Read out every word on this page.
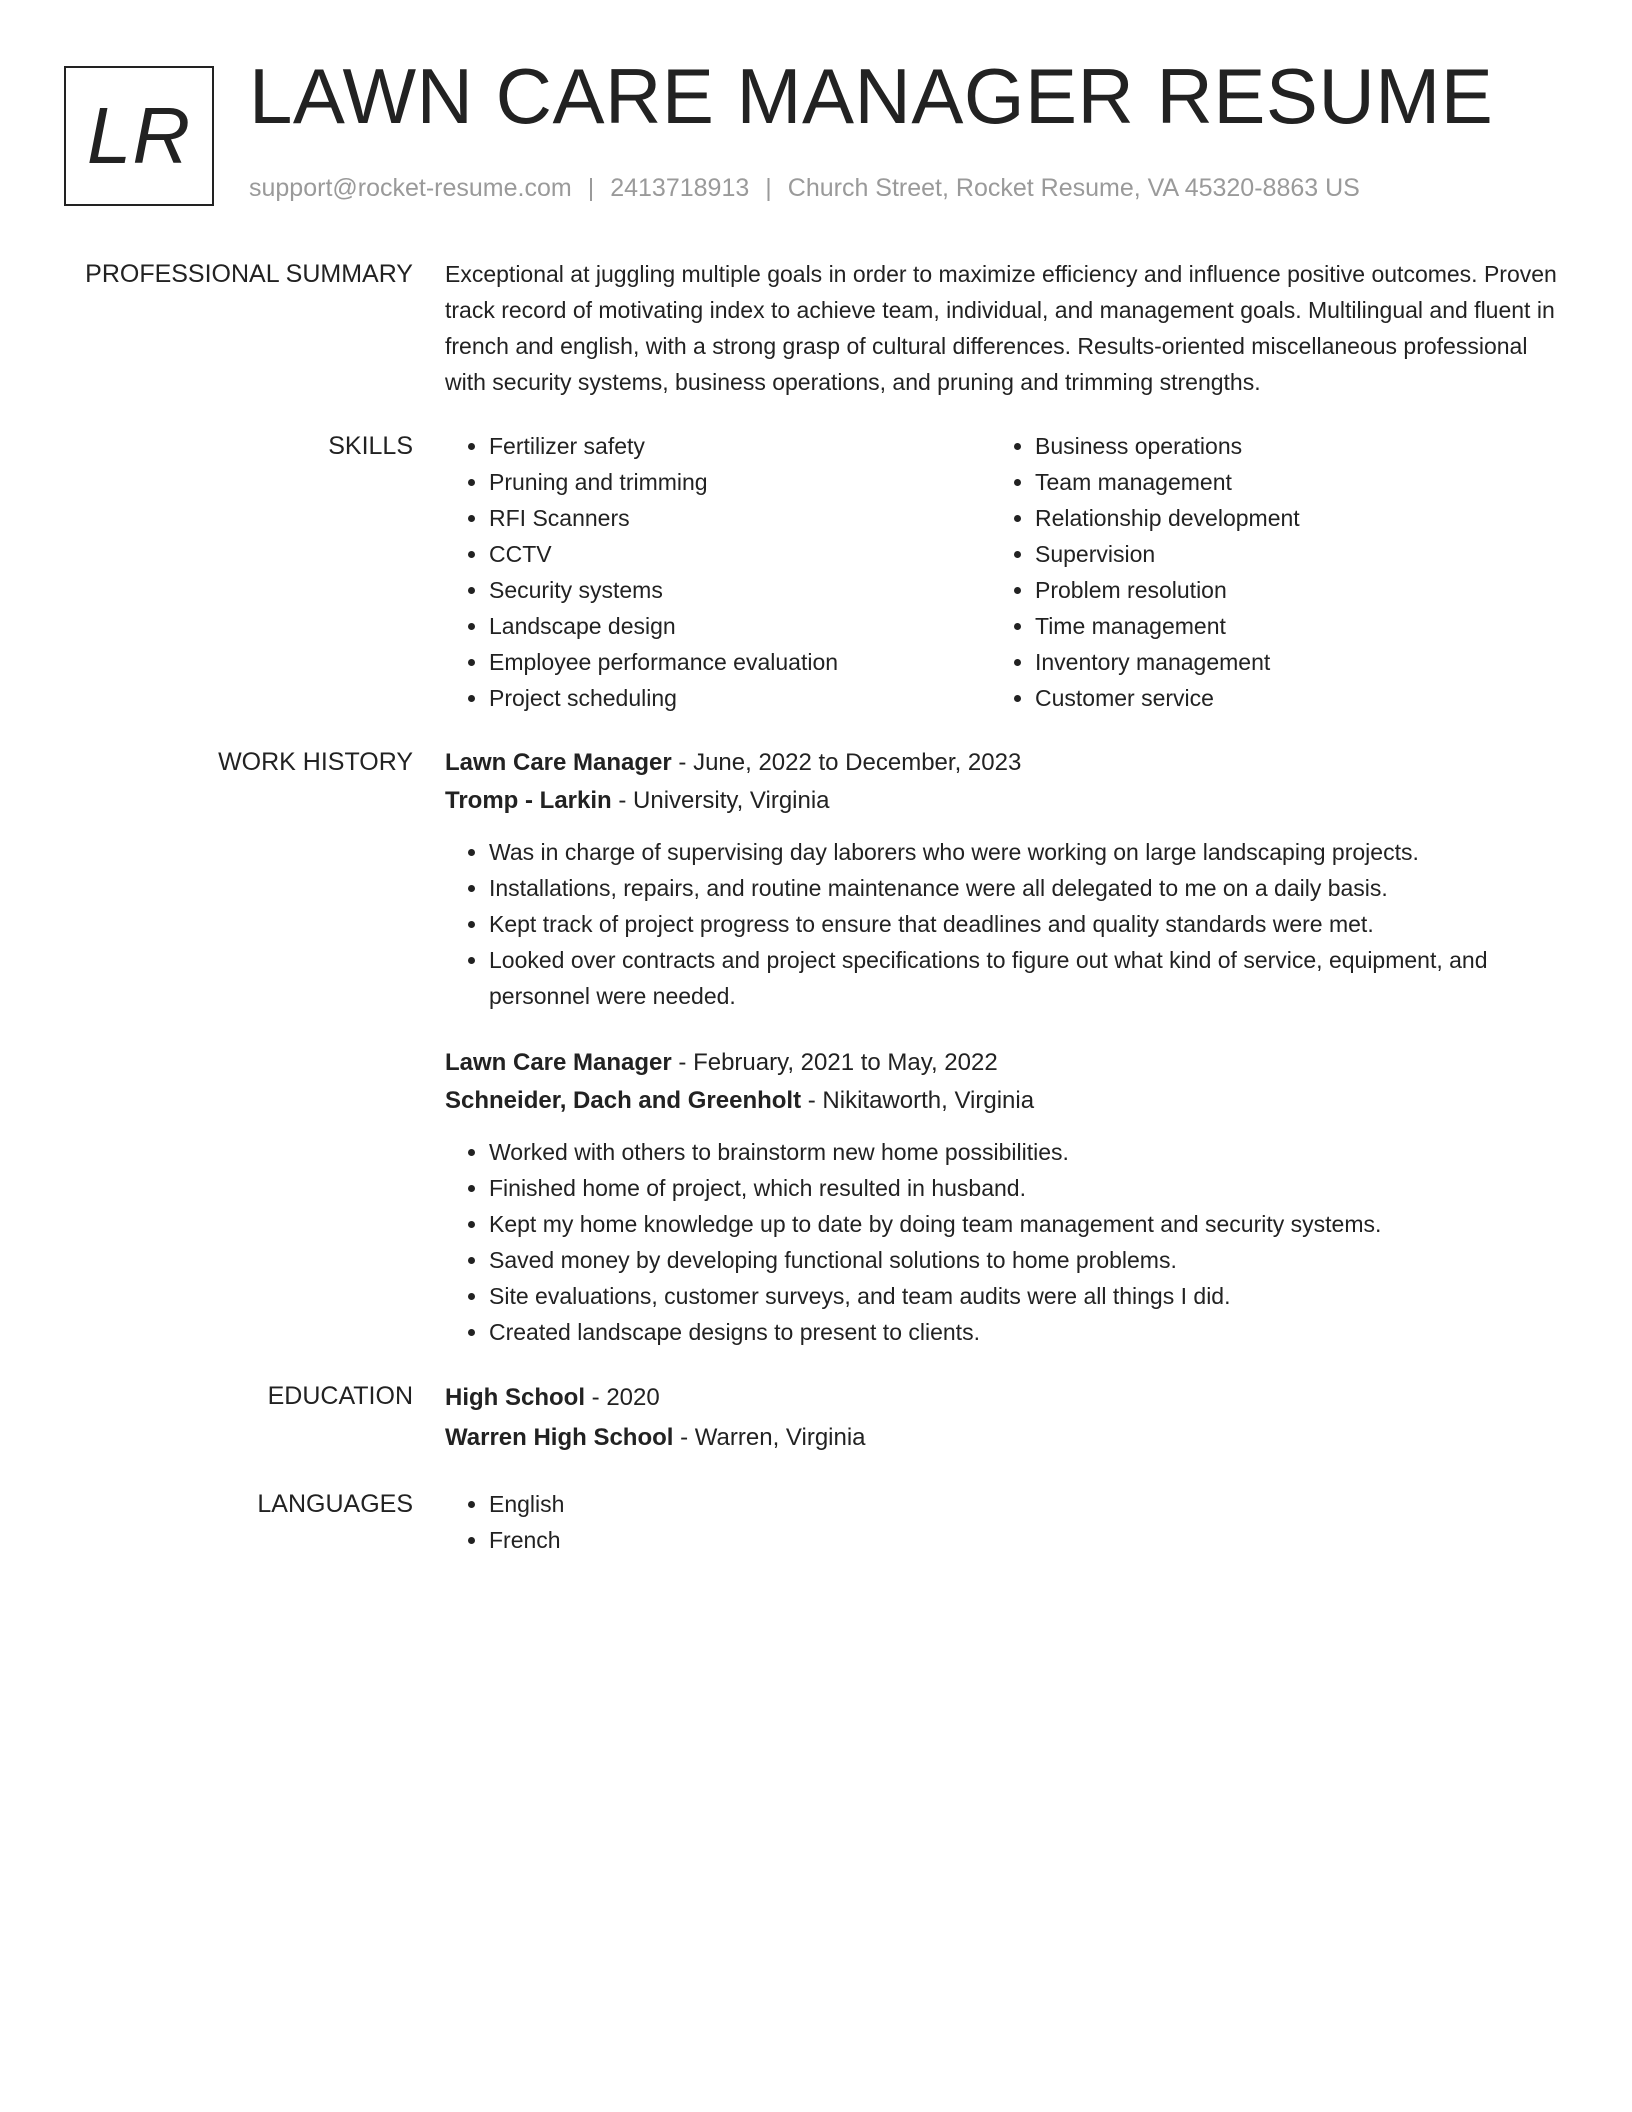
LR LAWN CARE MANAGER RESUME
support@rocket-resume.com | 2413718913 | Church Street, Rocket Resume, VA 45320-8863 US
PROFESSIONAL SUMMARY Exceptional at juggling multiple goals in order to maximize efficiency and influence positive outcomes. Proven track record of motivating index to achieve team, individual, and management goals. Multilingual and fluent in french and english, with a strong grasp of cultural differences. Results-oriented miscellaneous professional with security systems, business operations, and pruning and trimming strengths.

SKILLS	• Fertilizer safety
• Pruning and trimming
• RFI Scanners
• CCTV
• Security systems
• Landscape design
• Employee performance evaluation
• Project scheduling
• Business operations
• Team management
• Relationship development
• Supervision
• Problem resolution
• Time management
• Inventory management
• Customer service
WORK HISTORY Lawn Care Manager - June, 2022 to December, 2023
Tromp - Larkin - University, Virginia
• Was in charge of supervising day laborers who were working on large landscaping projects.
• Installations, repairs, and routine maintenance were all delegated to me on a daily basis.
• Kept track of project progress to ensure that deadlines and quality standards were met.
• Looked over contracts and project specifications to figure out what kind of service, equipment, and personnel were needed.
Lawn Care Manager - February, 2021 to May, 2022
Schneider, Dach and Greenholt - Nikitaworth, Virginia
• Worked with others to brainstorm new home possibilities.
• Finished home of project, which resulted in husband.
• Kept my home knowledge up to date by doing team management and security systems.
• Saved money by developing functional solutions to home problems.
• Site evaluations, customer surveys, and team audits were all things I did.
• Created landscape designs to present to clients.
EDUCATION High School - 2020
Warren High School - Warren, Virginia
LANGUAGES	• English
• French
